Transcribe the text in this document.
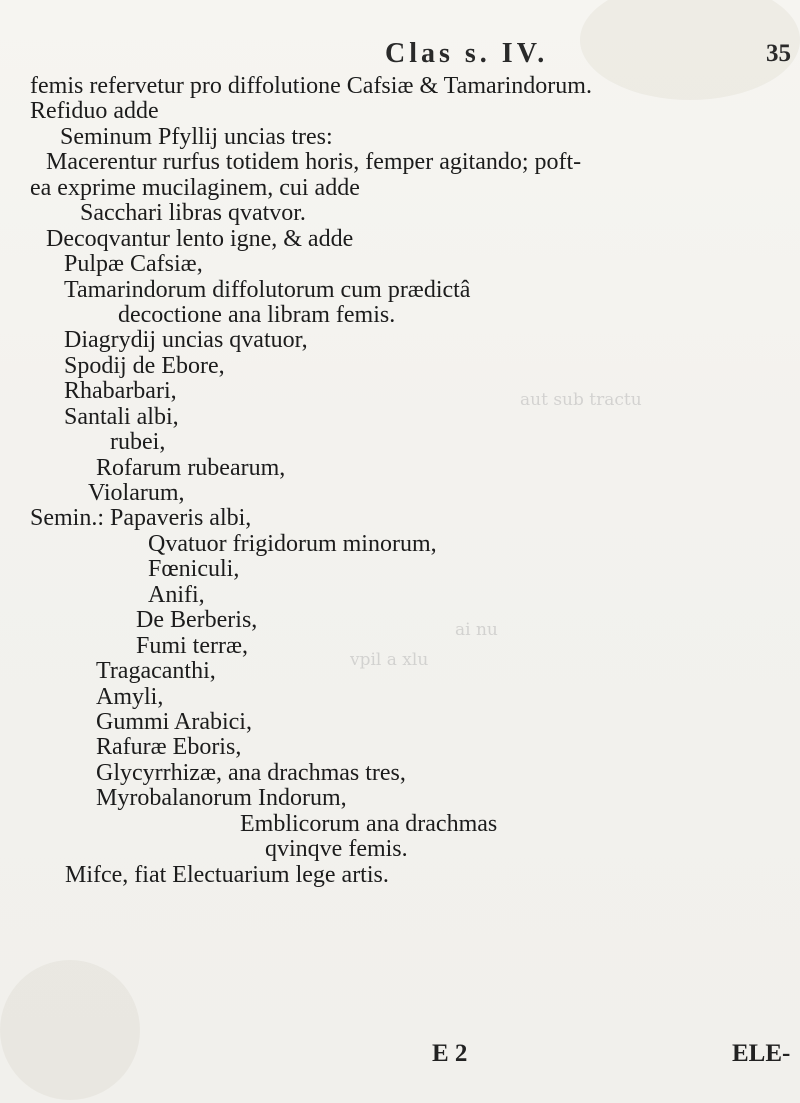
aut sub tractu
ai nu
vpil a xlu
Clas s. IV.	35
femis refervetur pro diffolutione Cafsiæ & Tamarindorum.
Refiduo adde
Seminum Pfyllij uncias tres:
Macerentur rurfus totidem horis, femper agitando; poft-
ea exprime mucilaginem, cui adde
Sacchari libras qvatvor.
Decoqvantur lento igne, & adde
Pulpæ Cafsiæ,
Tamarindorum diffolutorum cum prædictâ
decoctione ana libram femis.
Diagrydij uncias qvatuor,
Spodij de Ebore,
Rhabarbari,
Santali albi,
rubei,
Rofarum rubearum,
Violarum,
Semin.: Papaveris albi,
Qvatuor frigidorum minorum,
Fœniculi,
Anifi,
De Berberis,
Fumi terræ,
Tragacanthi,
Amyli,
Gummi Arabici,
Rafuræ Eboris,
Glycyrrhizæ, ana drachmas tres,
Myrobalanorum Indorum,
Emblicorum ana drachmas
qvinqve femis.
Mifce, fiat Electuarium lege artis.
E 2	ELE-
